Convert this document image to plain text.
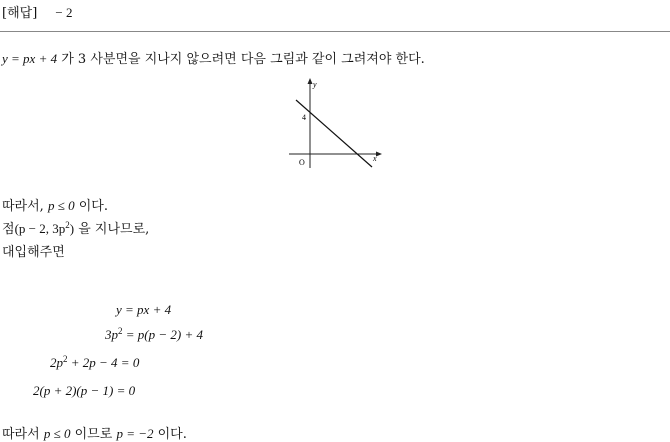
[해답] − 2
y = px + 4 가 3 사분면을 지나지 않으려면 다음 그림과 같이 그려져야 한다.
y
x
4
O
따라서, p ≤ 0 이다.
점(p − 2, $3p^2$) 을 지나므로,
대입해주면
y = px + 4
$3p^2 = p(p - 2) + 4$
$2p^2 + 2p - 4 = 0$
2(p + 2)(p − 1) = 0
따라서 p ≤ 0 이므로 p = −2 이다.
